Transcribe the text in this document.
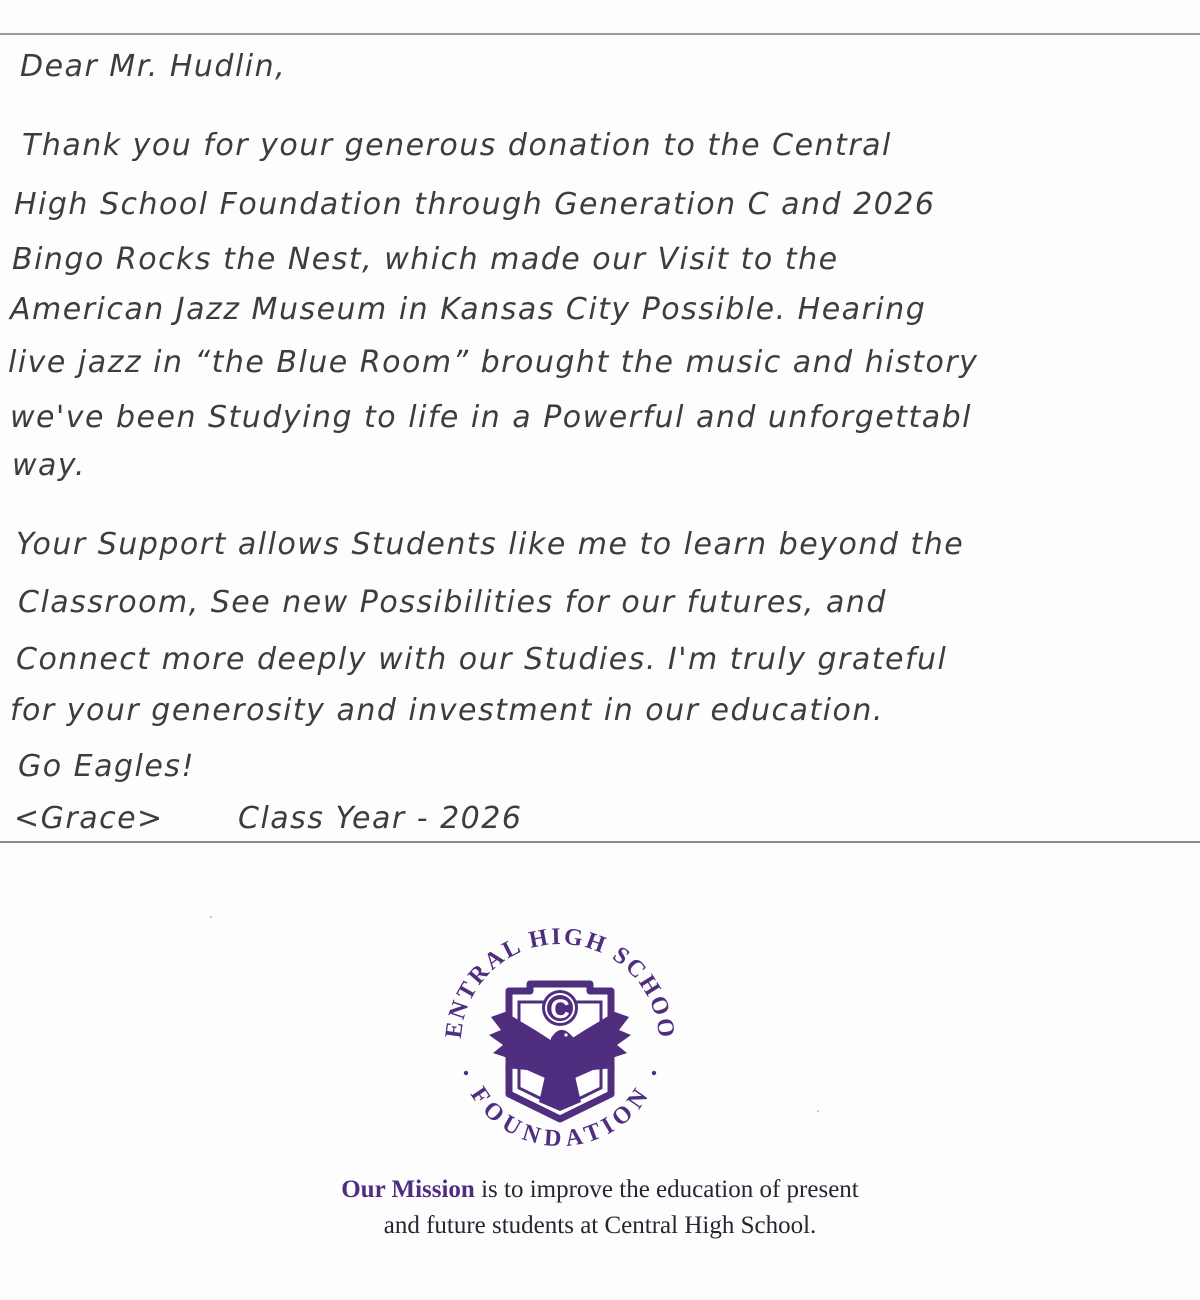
Dear Mr. Hudlin,
Thank you for your generous donation to the Central
High School Foundation through Generation C and 2026
Bingo Rocks the Nest, which made our Visit to the
American Jazz Museum in Kansas City Possible. Hearing
live jazz in “the Blue Room” brought the music and history
we've been Studying to life in a Powerful and unforgettabl
way.
Your Support allows Students like me to learn beyond the
Classroom, See new Possibilities for our futures, and
Connect more deeply with our Studies. I'm truly grateful
for your generosity and investment in our education.
Go Eagles!
<Grace> Class Year - 2026
ENTRAL HIGH SCHOO
FOUNDATION
C
Our Mission is to improve the education of present
and future students at Central High School.
